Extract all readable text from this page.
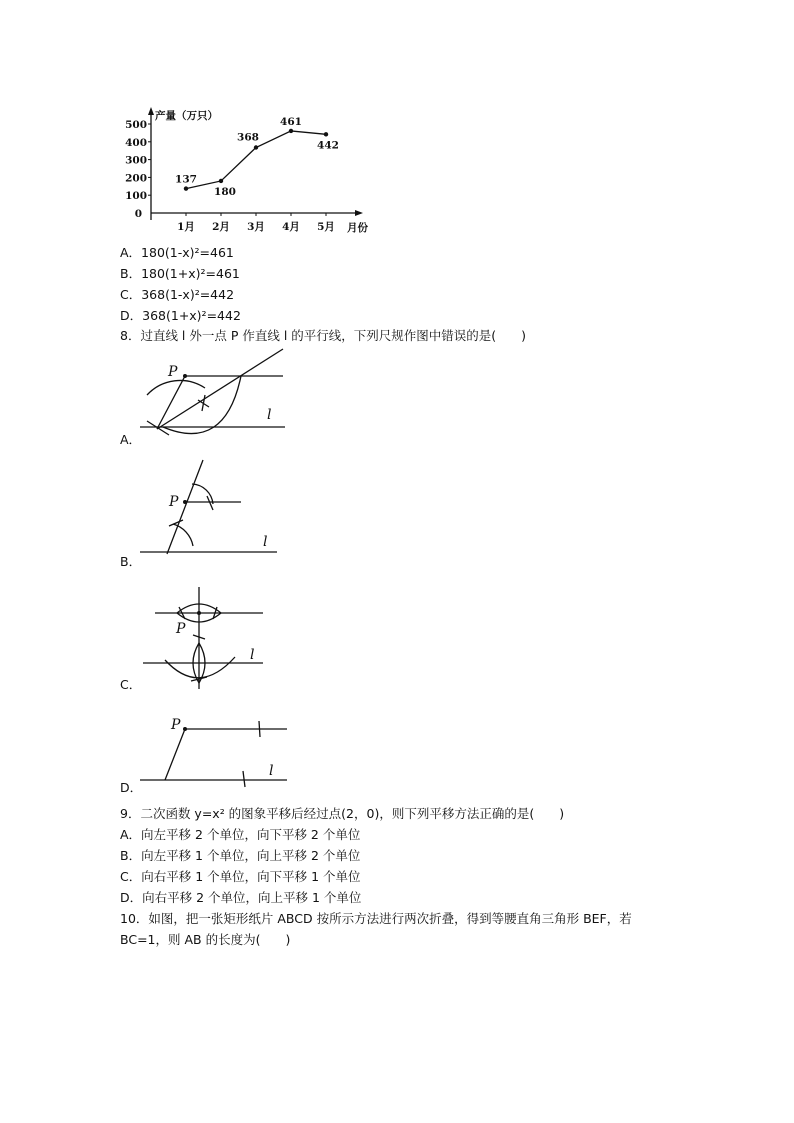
产量（万只）
月份
500
400
300
200
100
0
1月 2月 3月 4月 5月
137
180
368
461
442
A．180(1-x)²=461
B．180(1+x)²=461
C．368(1-x)²=442
D．368(1+x)²=442
8．过直线 l 外一点 P 作直线 l 的平行线，下列尺规作图中错误的是(　　)
P
l
A．
P
l
B．
P
l
C．
P
l
D．
9．二次函数 y=x² 的图象平移后经过点(2，0)，则下列平移方法正确的是(　　)
A．向左平移 2 个单位，向下平移 2 个单位
B．向左平移 1 个单位，向上平移 2 个单位
C．向右平移 1 个单位，向下平移 1 个单位
D．向右平移 2 个单位，向上平移 1 个单位
10．如图，把一张矩形纸片 ABCD 按所示方法进行两次折叠，得到等腰直角三角形 BEF，若
BC=1，则 AB 的长度为(　　)
